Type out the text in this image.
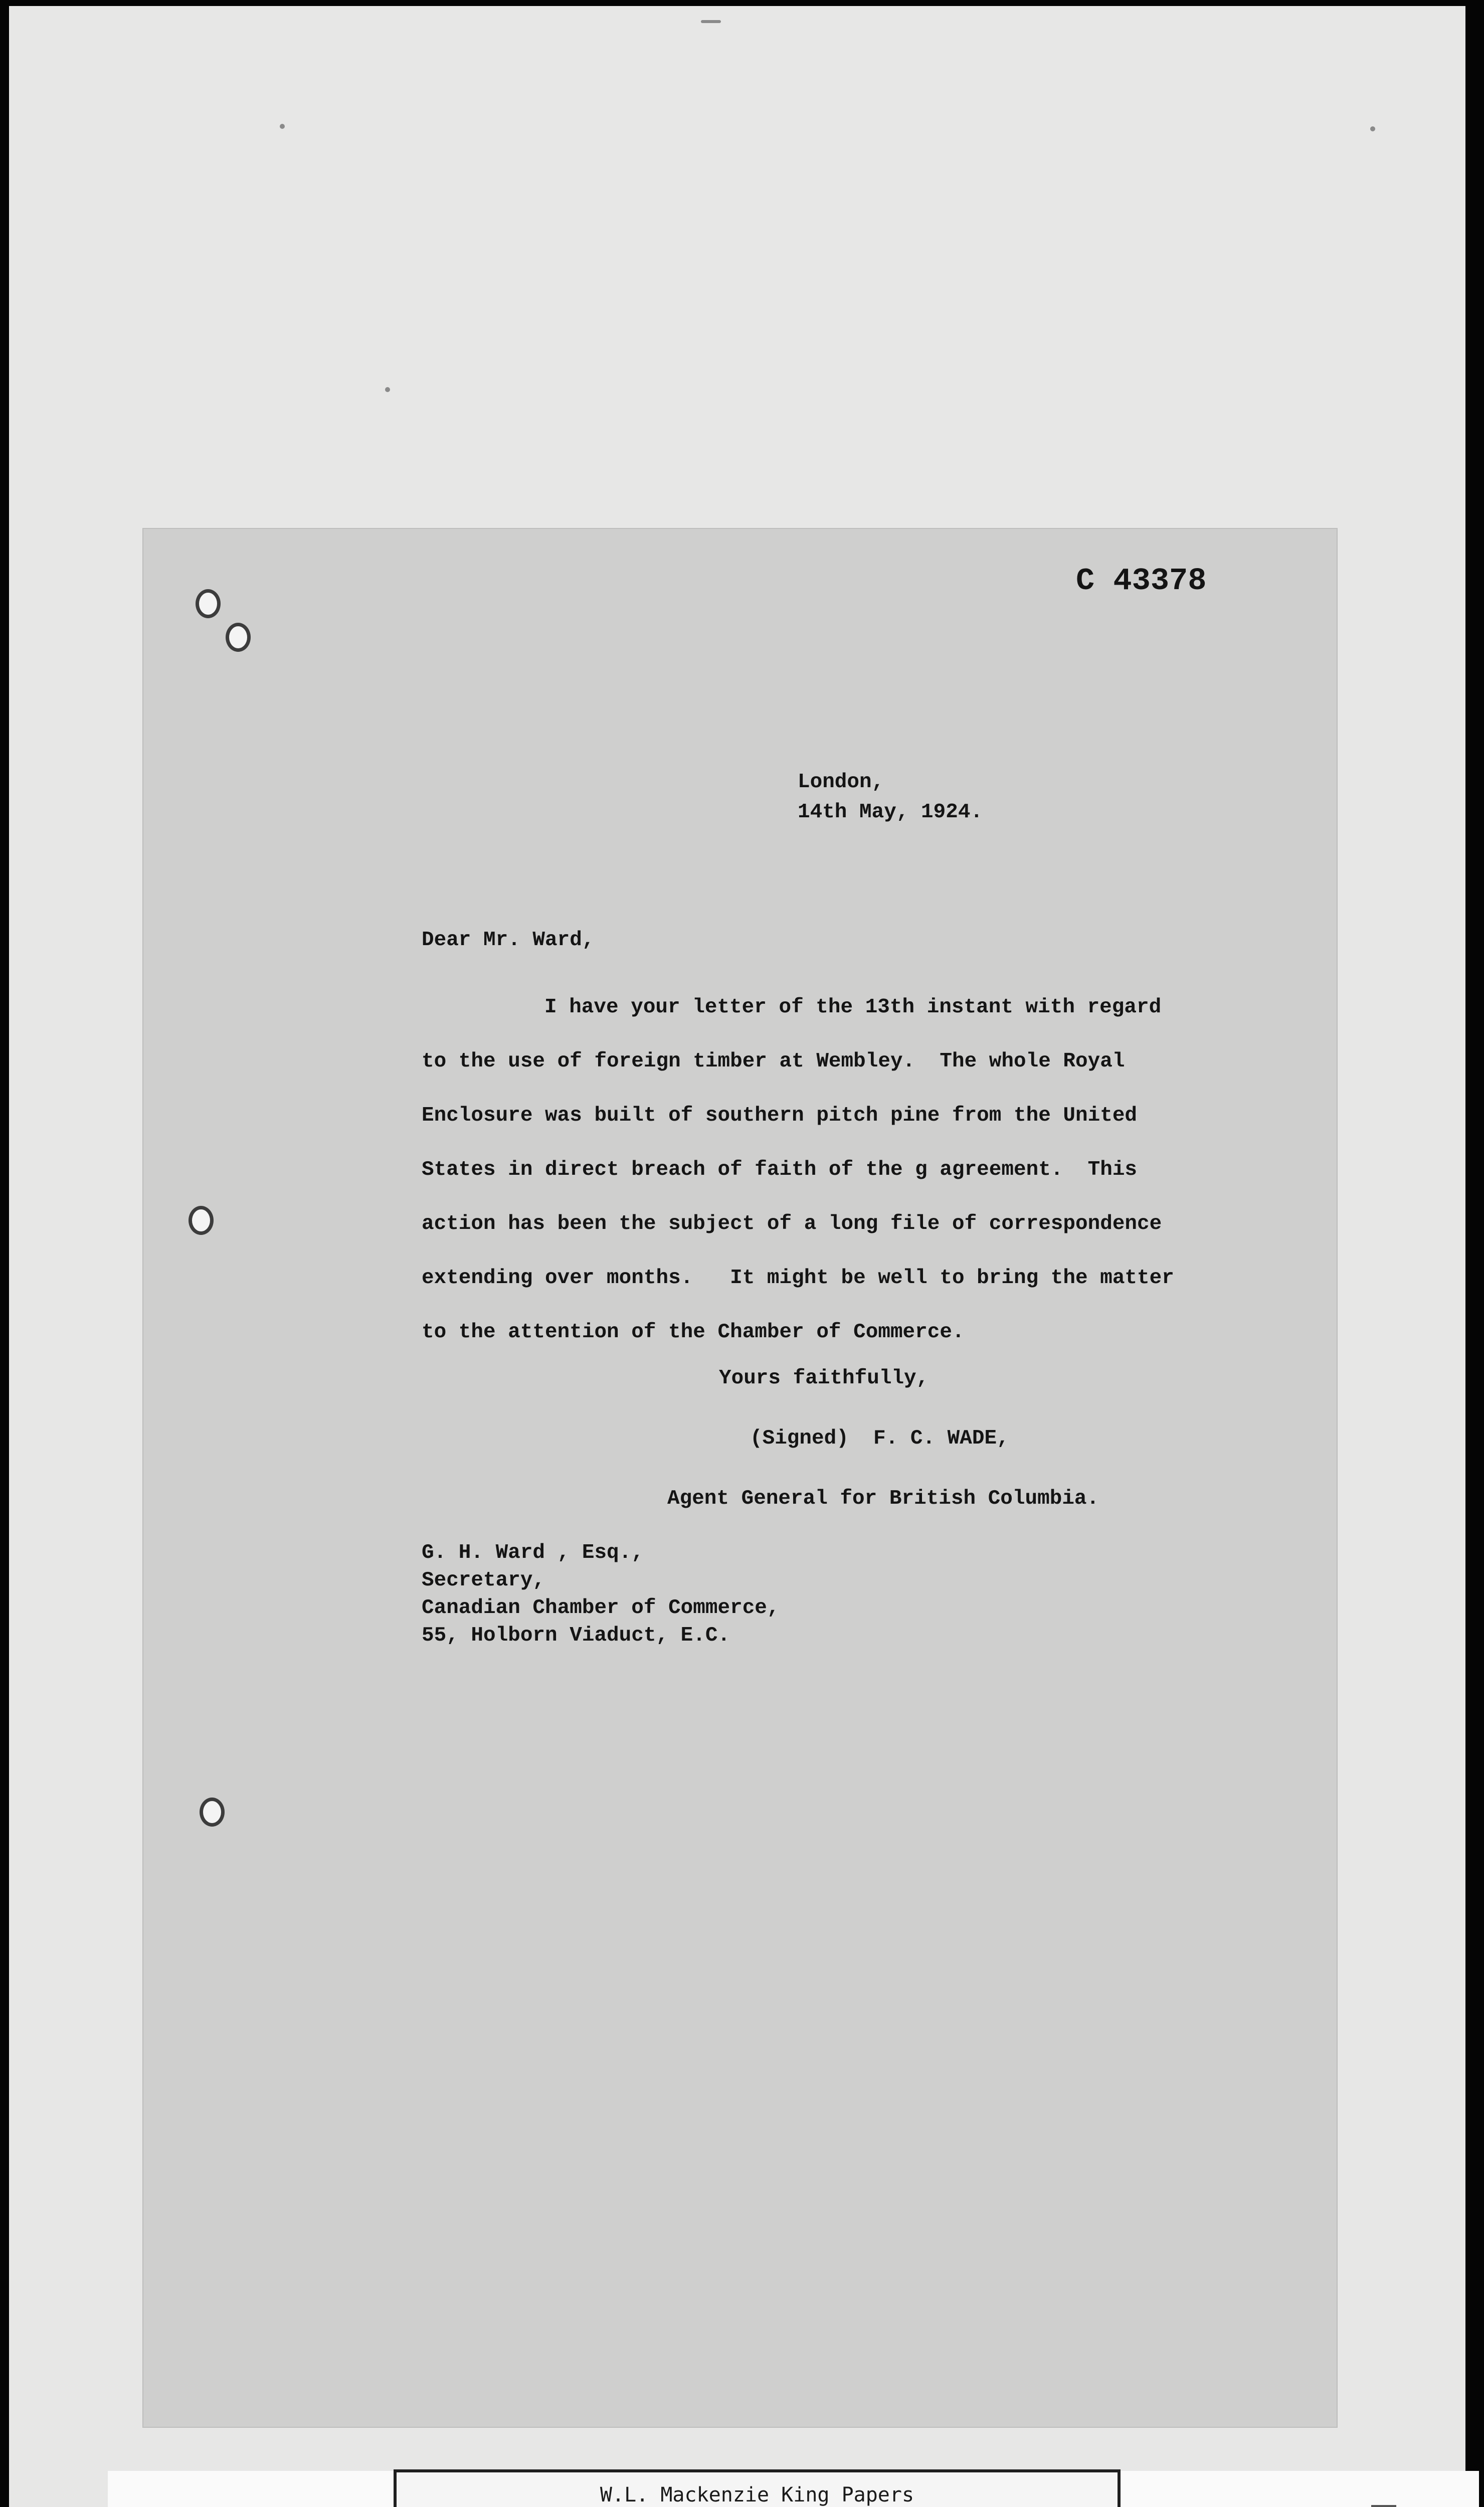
C 43378

London,

14th May, 1924.

Dear Mr. Ward,

I have your letter of the 13th instant with regard

to the use of foreign timber at Wembley.  The whole Royal

Enclosure was built of southern pitch pine from the United

States in direct breach of faith of the g agreement.  This

action has been the subject of a long file of correspondence

extending over months.   It might be well to bring the matter

to the attention of the Chamber of Commerce.

Yours faithfully,

(Signed)  F. C. WADE,

Agent General for British Columbia.

G. H. Ward , Esq.,

Secretary,

Canadian Chamber of Commerce,

55, Holborn Viaduct, E.C.

W.L. Mackenzie King Papers
